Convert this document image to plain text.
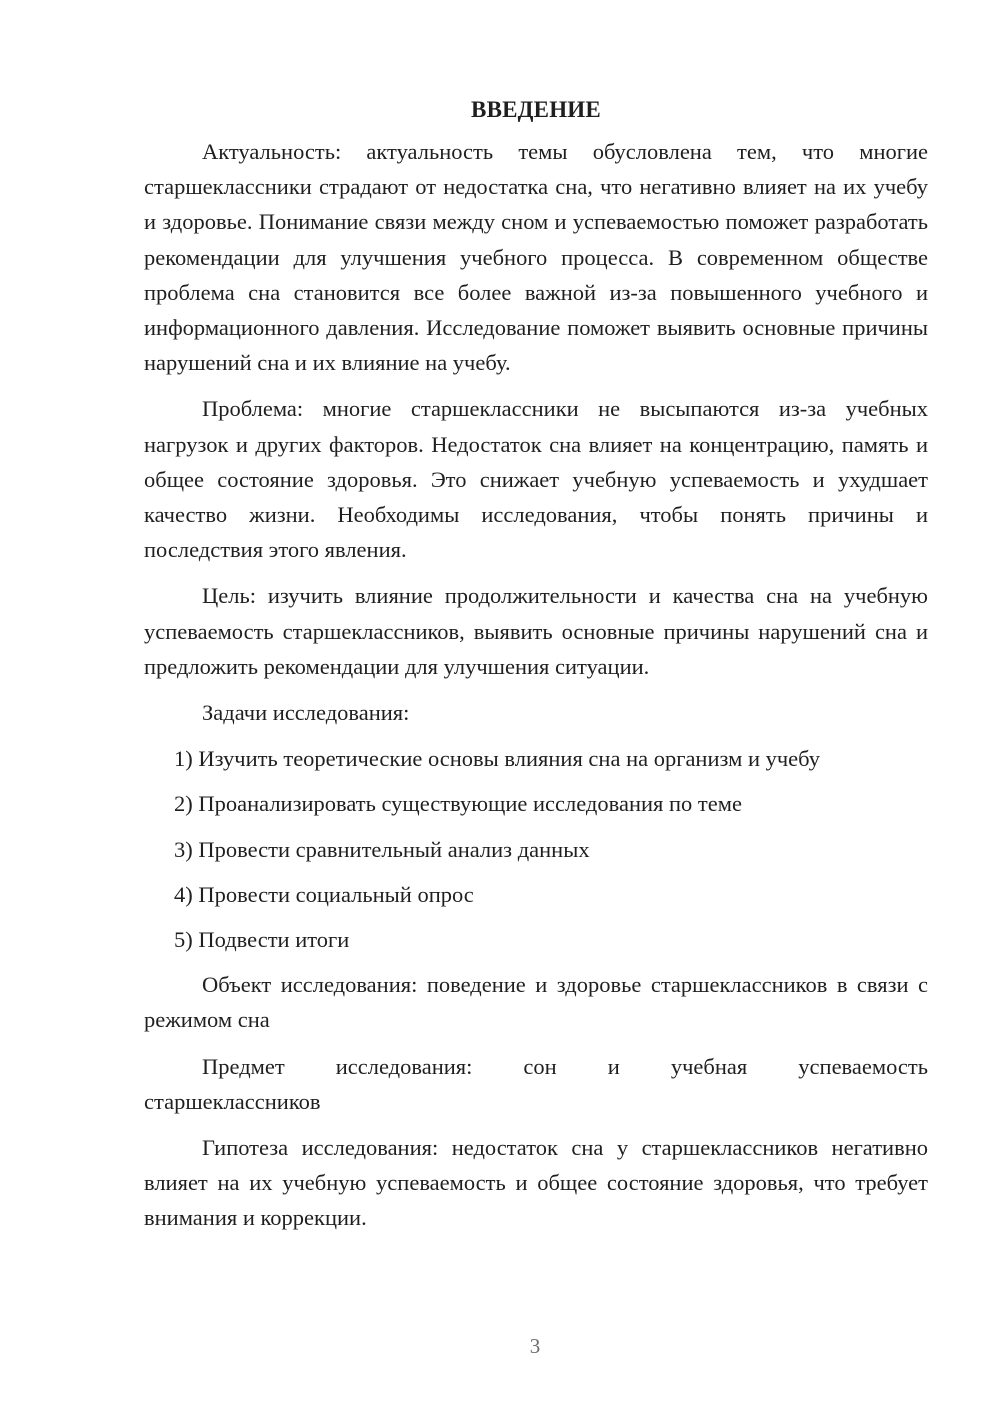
ВВЕДЕНИЕ

Актуальность: актуальность темы обусловлена тем, что многие старшеклассники страдают от недостатка сна, что негативно влияет на их учебу и здоровье. Понимание связи между сном и успеваемостью поможет разработать рекомендации для улучшения учебного процесса. В современном обществе проблема сна становится все более важной из-за повышенного учебного и информационного давления. Исследование поможет выявить основные причины нарушений сна и их влияние на учебу.

Проблема: многие старшеклассники не высыпаются из-за учебных нагрузок и других факторов. Недостаток сна влияет на концентрацию, память и общее состояние здоровья. Это снижает учебную успеваемость и ухудшает качество жизни. Необходимы исследования, чтобы понять причины и последствия этого явления.

Цель: изучить влияние продолжительности и качества сна на учебную успеваемость старшеклассников, выявить основные причины нарушений сна и предложить рекомендации для улучшения ситуации.

Задачи исследования:
1) Изучить теоретические основы влияния сна на организм и учебу
2) Проанализировать существующие исследования по теме
3) Провести сравнительный анализ данных
4) Провести социальный опрос
5) Подвести итоги

Объект исследования: поведение и здоровье старшеклассников в связи с режимом сна

Предмет исследования: сон и учебная успеваемость

старшеклассников

Гипотеза исследования: недостаток сна у старшеклассников негативно влияет на их учебную успеваемость и общее состояние здоровья, что требует внимания и коррекции.

3
